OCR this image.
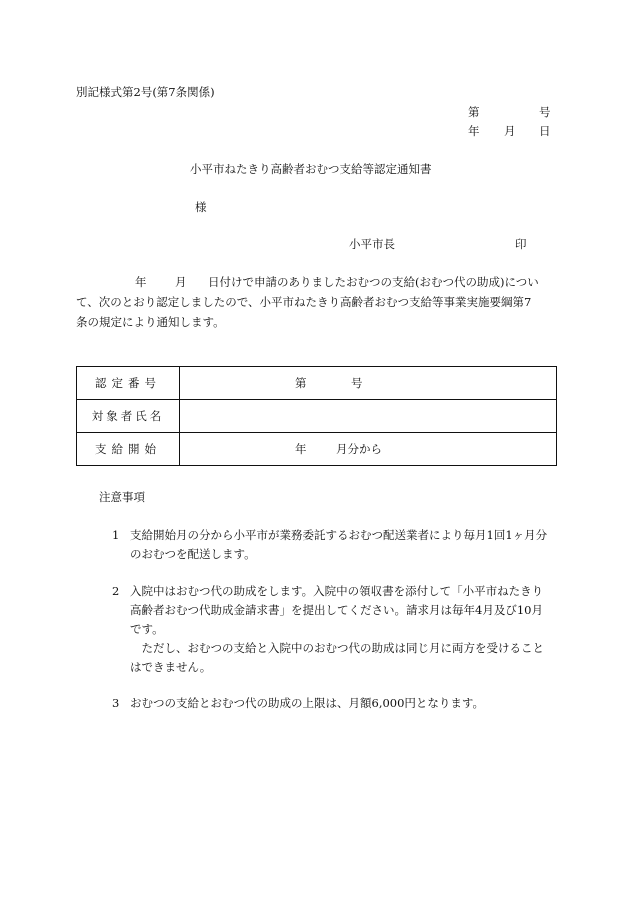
別記様式第2号(第7条関係)
第	号
年 月 日
小平市ねたきり高齢者おむつ支給等認定通知書
様
小平市長	印
年 月 日付けで申請のありましたおむつの支給(おむつ代の助成)につい
て、次のとおり認定しましたので、小平市ねたきり高齢者おむつ支給等事業実施要綱第7
条の規定により通知します。
認定番号	第 号

対象者氏名	
支給開始	年 月分から
注意事項
1 支給開始月の分から小平市が業務委託するおむつ配送業者により毎月1回1ヶ月分のおむつを配送します。
2 入院中はおむつ代の助成をします。入院中の領収書を添付して「小平市ねたきり高齢者おむつ代助成金請求書」を提出してください。請求月は毎年4月及び10月です。
ただし、おむつの支給と入院中のおむつ代の助成は同じ月に両方を受けることはできません。
3 おむつの支給とおむつ代の助成の上限は、月額6,000円となります。
